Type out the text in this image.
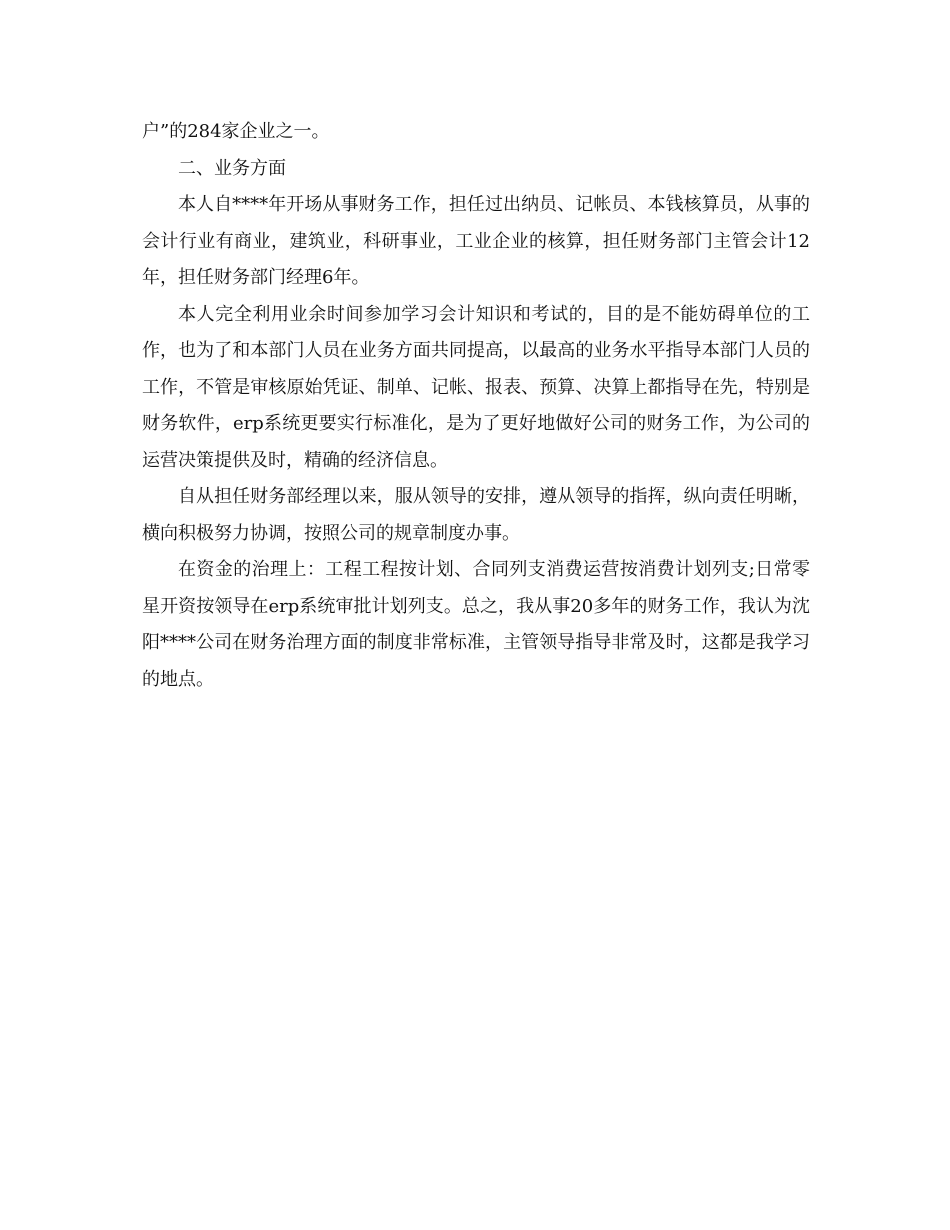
户”的284家企业之一。

二、业务方面

本人自****年开场从事财务工作，担任过出纳员、记帐员、本钱核算员，从事的会计行业有商业，建筑业，科研事业，工业企业的核算，担任财务部门主管会计12年，担任财务部门经理6年。

本人完全利用业余时间参加学习会计知识和考试的，目的是不能妨碍单位的工作，也为了和本部门人员在业务方面共同提高，以最高的业务水平指导本部门人员的工作，不管是审核原始凭证、制单、记帐、报表、预算、决算上都指导在先，特别是财务软件，erp系统更要实行标准化，是为了更好地做好公司的财务工作，为公司的运营决策提供及时，精确的经济信息。

自从担任财务部经理以来，服从领导的安排，遵从领导的指挥，纵向责任明晰，横向积极努力协调，按照公司的规章制度办事。

在资金的治理上：工程工程按计划、合同列支消费运营按消费计划列支;日常零星开资按领导在erp系统审批计划列支。总之，我从事20多年的财务工作，我认为沈阳****公司在财务治理方面的制度非常标准，主管领导指导非常及时，这都是我学习的地点。
